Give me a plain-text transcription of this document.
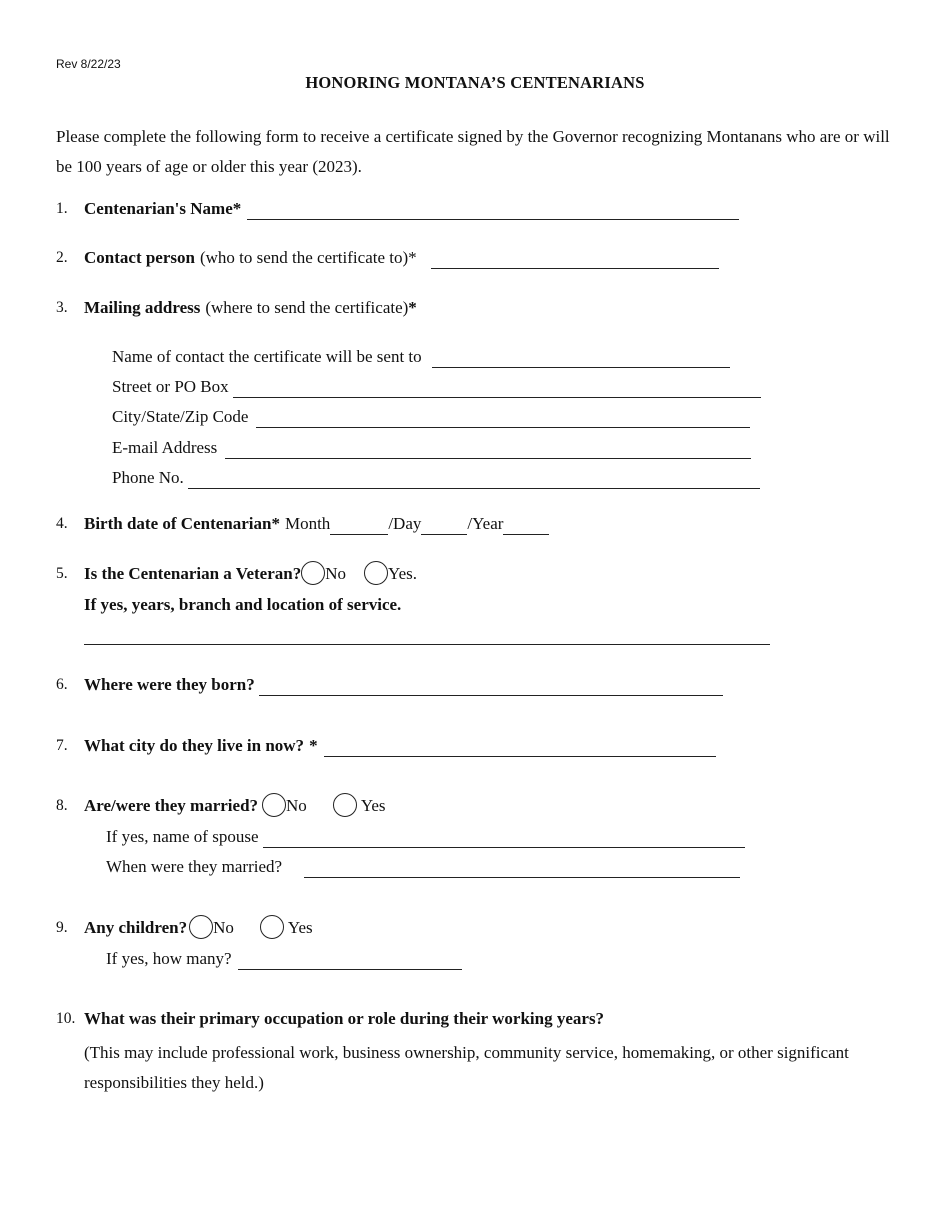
Rev 8/22/23
HONORING MONTANA’S CENTENARIANS
Please complete the following form to receive a certificate signed by the Governor recognizing Montanans who are or will be 100 years of age or older this year (2023).
1. Centenarian's Name*
2. Contact person (who to send the certificate to)*
3. Mailing address (where to send the certificate) *
Name of contact the certificate will be sent to
Street or PO Box
City/State/Zip Code
E-mail Address
Phone No.
4. Birth date of Centenarian * Month	/Day	/Year
5. Is the Centenarian a Veteran? No Yes.
If yes, years, branch and location of service.
6. Where were they born?
7. What city do they live in now? *
8. Are/were they married? No	Yes
If yes, name of spouse
When were they married?
9. Any children? No	Yes
If yes, how many?
10. What was their primary occupation or role during their working years?
(This may include professional work, business ownership, community service, homemaking, or other significant responsibilities they held.)
